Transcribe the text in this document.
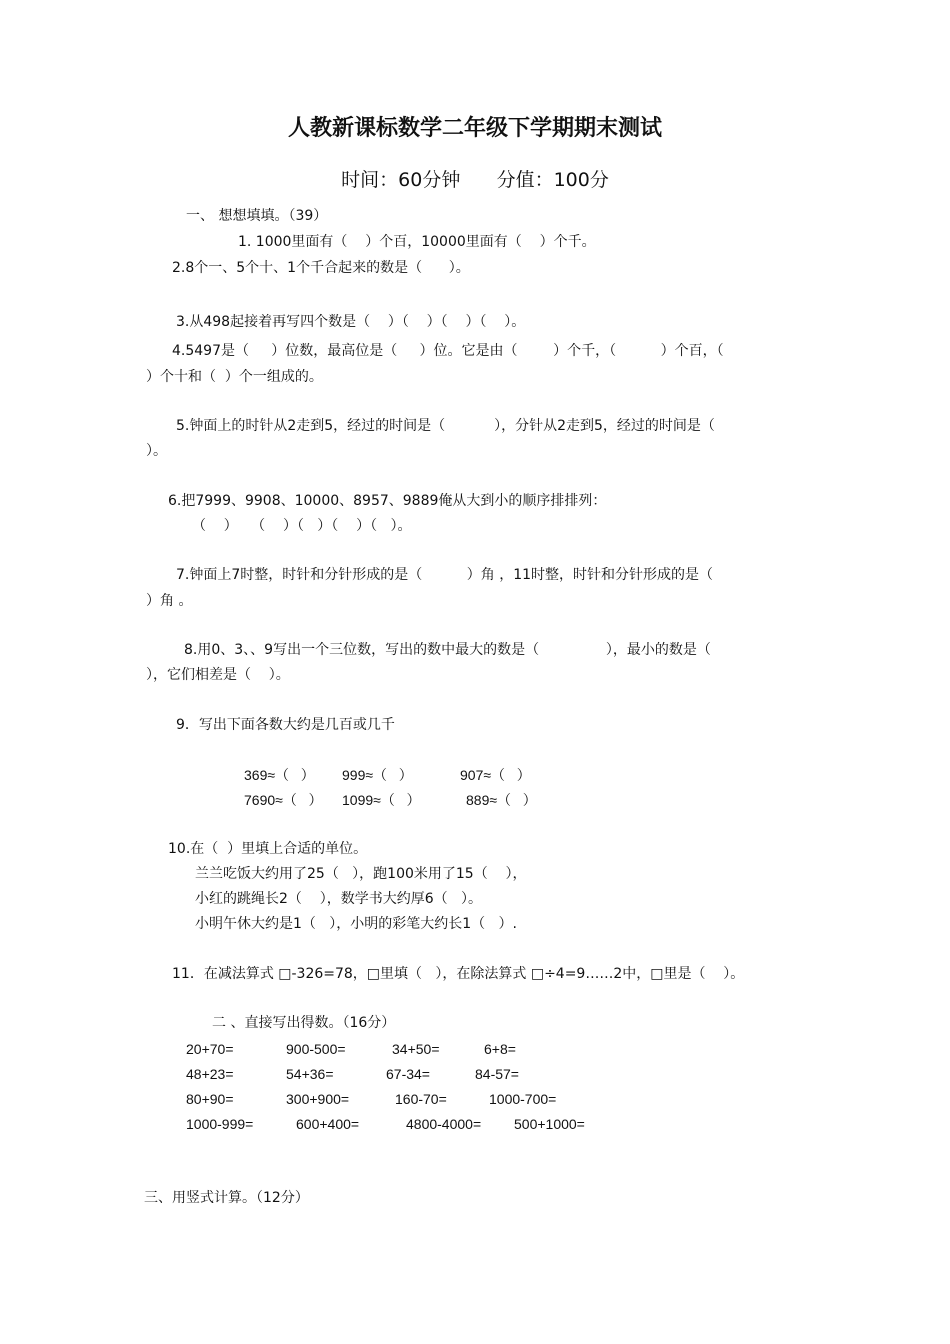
人教新课标数学二年级下学期期末测试
时间：60分钟      分值：100分
一、 想想填填。（39）
1. 1000里面有（    ）个百，10000里面有（    ）个千。
2.8个一、5个十、1个千合起来的数是（      ）。
3.从498起接着再写四个数是（    ）（    ）（    ）（    ）。
4.5497是（     ）位数，最高位是（     ）位。它是由（        ）个千，（          ）个百，（
）个十和（  ）个一组成的。
5.钟面上的时针从2走到5，经过的时间是（           ），分针从2走到5，经过的时间是（
）。
6.把7999、9908、10000、8957、9889俺从大到小的顺序排排列：
（    ）   （    ）（   ）（    ）（   ）。
7.钟面上7时整，时针和分针形成的是（          ）角 ，11时整，时针和分针形成的是（
）角 。
8.用0、3、、9写出一个三位数，写出的数中最大的数是（               ），最小的数是（
），它们相差是（    ）。
9．写出下面各数大约是几百或几千
369≈（   ） 999≈（   ）	907≈（   ）
7690≈（   ） 1099≈（   ）	889≈（   ）
10.在（  ）里填上合适的单位。
兰兰吃饭大约用了25（   ），跑100米用了15（    ），
小红的跳绳长2（    ），数学书大约厚6（   ）。
小明午休大约是1（   ），小明的彩笔大约长1（   ）.
11．在减法算式 □-326=78，□里填（   ），在除法算式 □÷4=9……2中，□里是（    ）。
二 、直接写出得数。（16分）
20+70=	900-500=	34+50=	6+8=
48+23=	54+36=	67-34=	84-57=
80+90=	300+900=	160-70=	1000-700=
1000-999=	600+400=	4800-4000= 500+1000=
三、用竖式计算。（12分）
